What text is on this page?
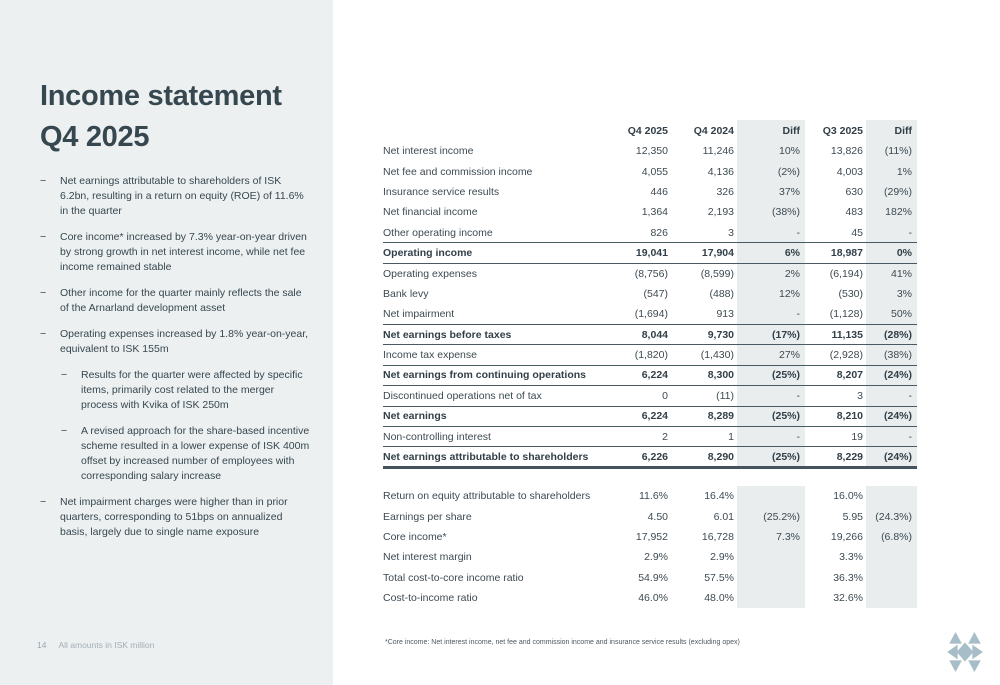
Income statement
Q4 2025
−	Net earnings attributable to shareholders of ISK 6.2bn, resulting in a return on equity (ROE) of 11.6% in the quarter
−	Core income* increased by 7.3% year-on-year driven by strong growth in net interest income, while net fee income remained stable
−	Other income for the quarter mainly reflects the sale of the Arnarland development asset
−	Operating expenses increased by 1.8% year-on-year, equivalent to ISK 155m
−	Results for the quarter were affected by specific items, primarily cost related to the merger process with Kvika of ISK 250m
−	A revised approach for the share-based incentive scheme resulted in a lower expense of ISK 400m offset by increased number of employees with corresponding salary increase
−	Net impairment charges were higher than in prior quarters, corresponding to 51bps on annualized basis, largely due to single name exposure
14 All amounts in ISK million
	Q4 2025	Q4 2024	Diff	Q3 2025	Diff
Net interest income	12,350	11,246	10%	13,826	(11%)
Net fee and commission income	4,055	4,136	(2%)	4,003	1%
Insurance service results	446	326	37%	630	(29%)
Net financial income	1,364	2,193	(38%)	483	182%
Other operating income	826	3	-	45	-
Operating income	19,041	17,904	6%	18,987	0%
Operating expenses	(8,756)	(8,599)	2%	(6,194)	41%
Bank levy	(547)	(488)	12%	(530)	3%
Net impairment	(1,694)	913	-	(1,128)	50%
Net earnings before taxes	8,044	9,730	(17%)	11,135	(28%)
Income tax expense	(1,820)	(1,430)	27%	(2,928)	(38%)
Net earnings from continuing operations	6,224	8,300	(25%)	8,207	(24%)
Discontinued operations net of tax	0	(11)	-	3	-
Net earnings	6,224	8,289	(25%)	8,210	(24%)
Non-controlling interest	2	1	-	19	-
Net earnings attributable to shareholders	6,226	8,290	(25%)	8,229	(24%)
Return on equity attributable to shareholders	11.6%	16.4%		16.0%	
Earnings per share	4.50	6.01	(25.2%)	5.95	(24.3%)
Core income*	17,952	16,728	7.3%	19,266	(6.8%)
Net interest margin	2.9%	2.9%		3.3%	
Total cost-to-core income ratio	54.9%	57.5%		36.3%	
Cost-to-income ratio	46.0%	48.0%		32.6%	
*Core income: Net interest income, net fee and commission income and insurance service results (excluding opex)
